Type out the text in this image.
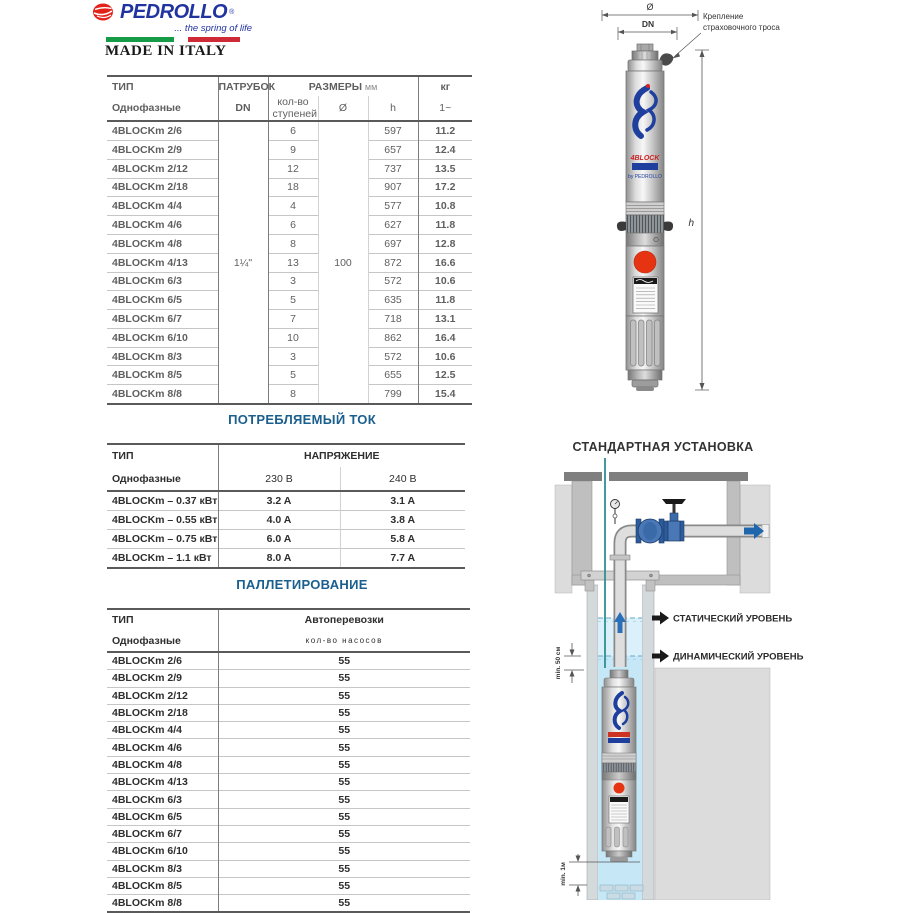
PEDROLLO ®
... the spring of life
MADE IN ITALY
ТИП	ПАТРУБОК	РАЗМЕРЫ мм			кг
Однофазные	DN	кол-во ступеней	Ø	h	1~
4BLOCKm 2/6	1¼"	6	100	597	11.2
4BLOCKm 2/9		9		657	12.4
4BLOCKm 2/12		12		737	13.5
4BLOCKm 2/18		18		907	17.2
4BLOCKm 4/4		4		577	10.8
4BLOCKm 4/6		6		627	11.8
4BLOCKm 4/8		8		697	12.8
4BLOCKm 4/13		13		872	16.6
4BLOCKm 6/3		3		572	10.6
4BLOCKm 6/5		5		635	11.8
4BLOCKm 6/7		7		718	13.1
4BLOCKm 6/10		10		862	16.4
4BLOCKm 8/3		3		572	10.6
4BLOCKm 8/5		5		655	12.5
4BLOCKm 8/8		8		799	15.4
ПОТРЕБЛЯЕМЫЙ ТОК
ТИП	НАПРЯЖЕНИЕ	
Однофазные	230 В	240 В
4BLOCKm – 0.37 кВт	3.2 A	3.1 A
4BLOCKm – 0.55 кВт	4.0 A	3.8 A
4BLOCKm – 0.75 кВт	6.0 A	5.8 A
4BLOCKm – 1.1 кВт	8.0 A	7.7 A
ПАЛЛЕТИРОВАНИЕ
ТИП	Автоперевозки
Однофазные	кол-во насосов
4BLOCKm 2/6	55
4BLOCKm 2/9	55
4BLOCKm 2/12	55
4BLOCKm 2/18	55
4BLOCKm 4/4	55
4BLOCKm 4/6	55
4BLOCKm 4/8	55
4BLOCKm 4/13	55
4BLOCKm 6/3	55
4BLOCKm 6/5	55
4BLOCKm 6/7	55
4BLOCKm 6/10	55
4BLOCKm 8/3	55
4BLOCKm 8/5	55
4BLOCKm 8/8	55
Ø
DN
Крепление
страховочного троса
h
4BLOCK
by PEDROLLO
СТАНДАРТНАЯ УСТАНОВКА
СТАТИЧЕСКИЙ УРОВЕНЬ
ДИНАМИЧЕСКИЙ УРОВЕНЬ
min. 50 см
min. 1м
